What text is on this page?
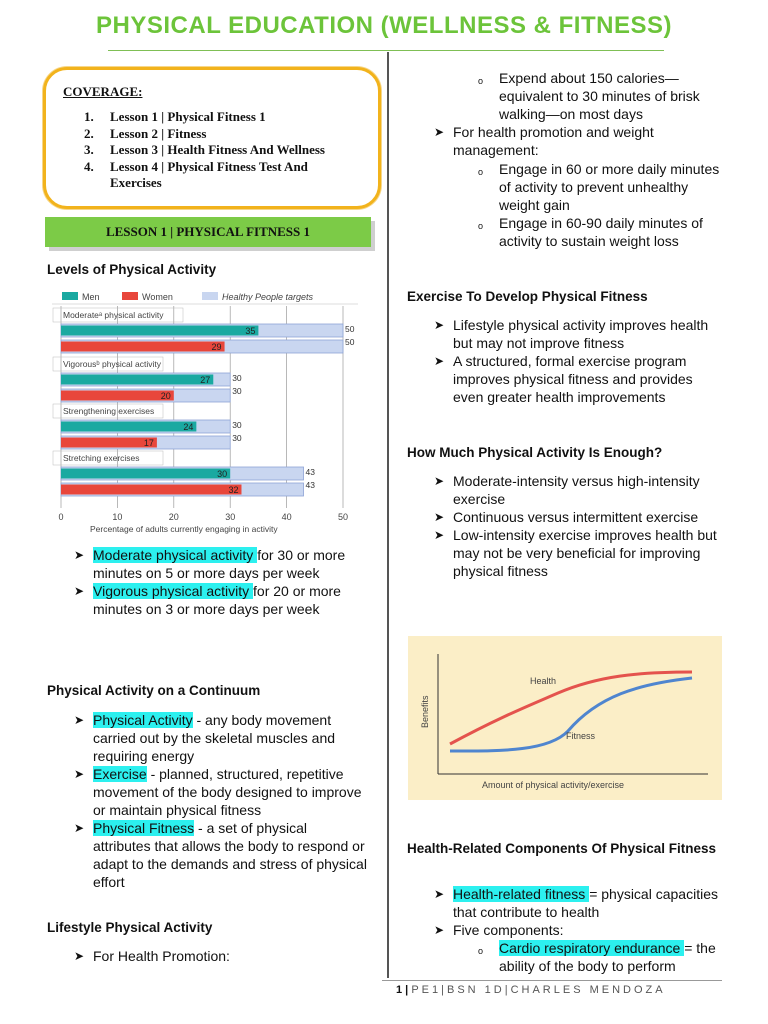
PHYSICAL EDUCATION (WELLNESS & FITNESS)
COVERAGE:
1. Lesson 1 | Physical Fitness 1
2. Lesson 2 | Fitness
3. Lesson 3 | Health Fitness And Wellness
4. Lesson 4 | Physical Fitness Test And Exercises
LESSON 1 | PHYSICAL FITNESS 1
Levels of Physical Activity
Men	Women	Healthy People targets
0	10	20	30	40	50
Percentage of adults currently engaging in activity
Moderateᵃ physical activity
35
29
50
50
Vigorousᵇ physical activity
27
20
30
30
Strengthening exercises
24
17
30
30
Stretching exercises
30
32
43
43
➤ Moderate physical activity for 30 or more minutes on 5 or more days per week
➤ Vigorous physical activity for 20 or more minutes on 3 or more days per week
Physical Activity on a Continuum
➤ Physical Activity - any body movement carried out by the skeletal muscles and requiring energy
➤ Exercise - planned, structured, repetitive movement of the body designed to improve or maintain physical fitness
➤ Physical Fitness - a set of physical attributes that allows the body to respond or adapt to the demands and stress of physical effort
Lifestyle Physical Activity
➤ For Health Promotion:
o Expend about 150 calories—equivalent to 30 minutes of brisk walking—on most days
➤ For health promotion and weight management:
o Engage in 60 or more daily minutes of activity to prevent unhealthy weight gain
o Engage in 60-90 daily minutes of activity to sustain weight loss
Exercise To Develop Physical Fitness
➤ Lifestyle physical activity improves health but may not improve fitness
➤ A structured, formal exercise program improves physical fitness and provides even greater health improvements
How Much Physical Activity Is Enough?
➤ Moderate-intensity versus high-intensity exercise
➤ Continuous versus intermittent exercise
➤ Low-intensity exercise improves health but may not be very beneficial for improving physical fitness
Health
Fitness
Benefits
Amount of physical activity/exercise
Health-Related Components Of Physical Fitness
➤ Health-related fitness = physical capacities that contribute to health
➤ Five components:
o Cardio respiratory endurance = the ability of the body to perform
1 | PE1|BSN 1D|CHARLES MENDOZA
